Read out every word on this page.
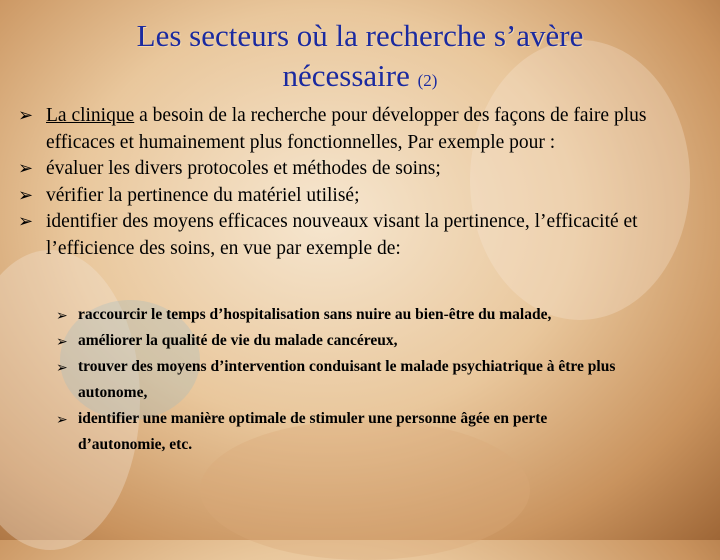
Les secteurs où la recherche s’avère
nécessaire (2)
➢ La clinique a besoin de la recherche pour développer des façons de faire plus efficaces et humainement plus fonctionnelles, Par exemple pour :
➢ évaluer les divers protocoles et méthodes de soins;
➢ vérifier la pertinence du matériel utilisé;
➢ identifier des moyens efficaces nouveaux visant la pertinence, l’efficacité et l’efficience des soins, en vue par exemple de:
➢ raccourcir le temps d’hospitalisation sans nuire au bien-être du malade,
➢ améliorer la qualité de vie du malade cancéreux,
➢ trouver des moyens d’intervention conduisant le malade psychiatrique à être plus autonome,
➢ identifier une manière optimale de stimuler une personne âgée en perte d’autonomie, etc.
